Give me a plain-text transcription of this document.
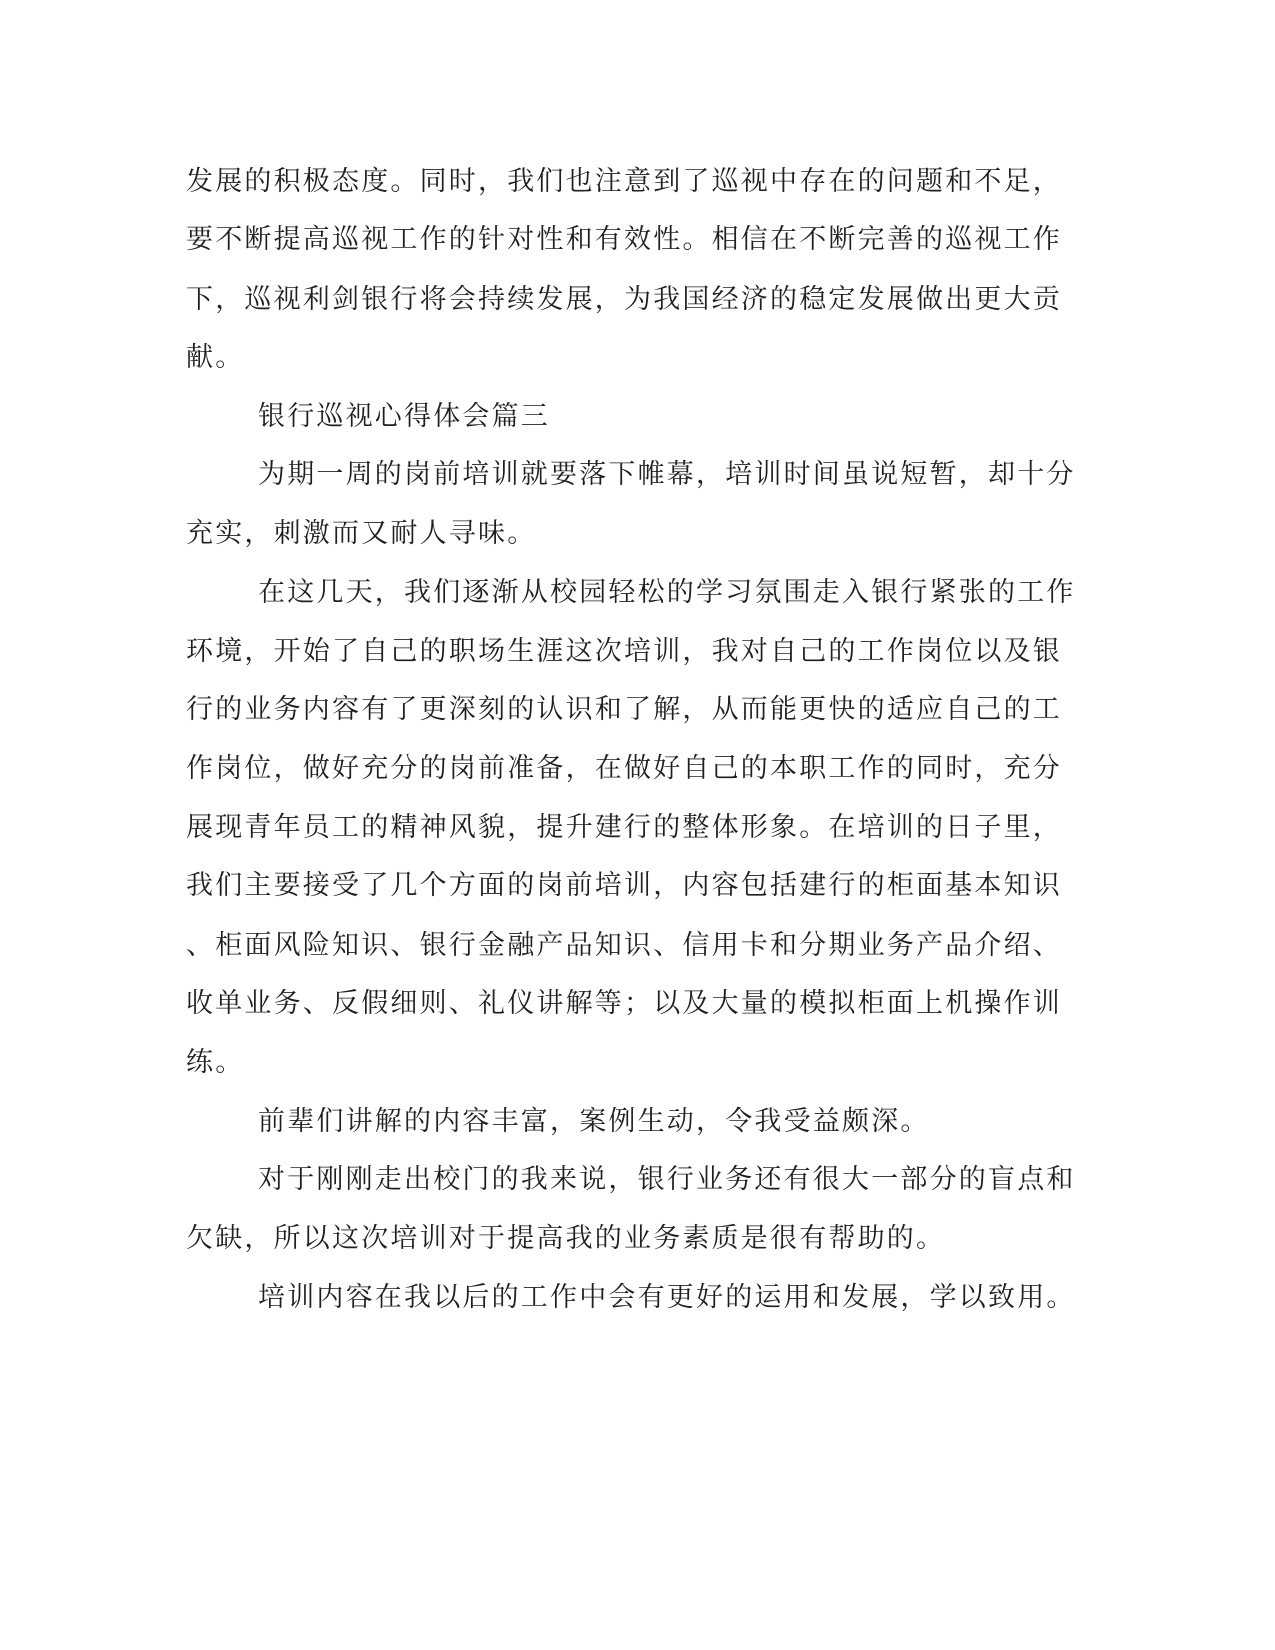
发展的积极态度。同时，我们也注意到了巡视中存在的问题和不足，
要不断提高巡视工作的针对性和有效性。相信在不断完善的巡视工作
下，巡视利剑银行将会持续发展，为我国经济的稳定发展做出更大贡
献。
银行巡视心得体会篇三
为期一周的岗前培训就要落下帷幕，培训时间虽说短暂，却十分
充实，刺激而又耐人寻味。
在这几天，我们逐渐从校园轻松的学习氛围走入银行紧张的工作
环境，开始了自己的职场生涯这次培训，我对自己的工作岗位以及银
行的业务内容有了更深刻的认识和了解，从而能更快的适应自己的工
作岗位，做好充分的岗前准备，在做好自己的本职工作的同时，充分
展现青年员工的精神风貌，提升建行的整体形象。在培训的日子里，
我们主要接受了几个方面的岗前培训，内容包括建行的柜面基本知识
、柜面风险知识、银行金融产品知识、信用卡和分期业务产品介绍、
收单业务、反假细则、礼仪讲解等；以及大量的模拟柜面上机操作训
练。
前辈们讲解的内容丰富，案例生动，令我受益颇深。
对于刚刚走出校门的我来说，银行业务还有很大一部分的盲点和
欠缺，所以这次培训对于提高我的业务素质是很有帮助的。
培训内容在我以后的工作中会有更好的运用和发展，学以致用。
